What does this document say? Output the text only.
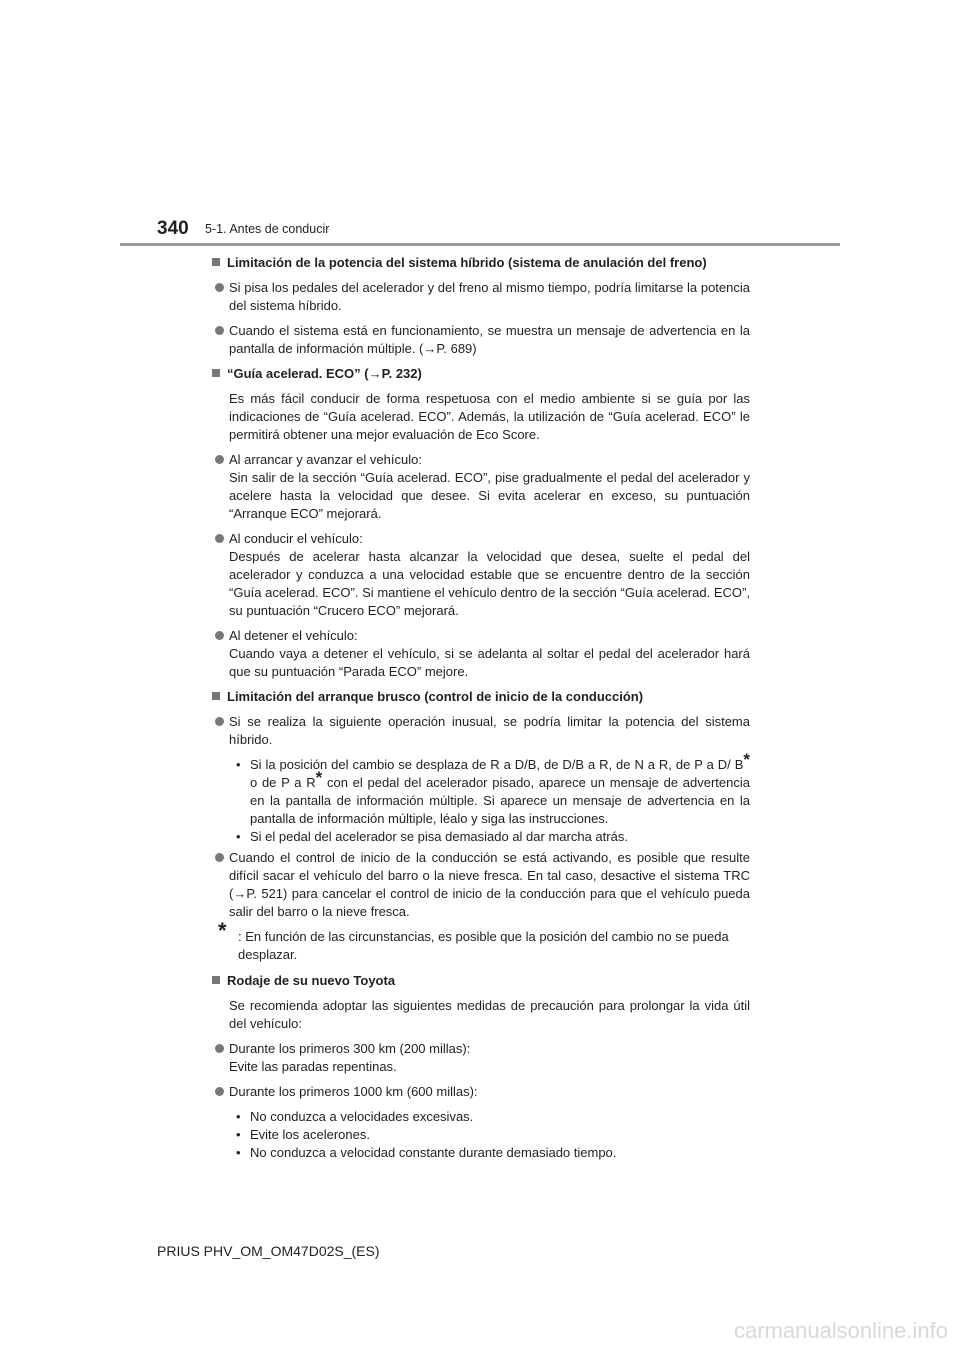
340 5-1. Antes de conducir
Limitación de la potencia del sistema híbrido (sistema de anulación del freno)
Si pisa los pedales del acelerador y del freno al mismo tiempo, podría limitarse la potencia del sistema híbrido.
Cuando el sistema está en funcionamiento, se muestra un mensaje de advertencia en la pantalla de información múltiple. (→P. 689)
“Guía acelerad. ECO” (→P. 232)
Es más fácil conducir de forma respetuosa con el medio ambiente si se guía por las indicaciones de “Guía acelerad. ECO”. Además, la utilización de “Guía acelerad. ECO” le permitirá obtener una mejor evaluación de Eco Score.
Al arrancar y avanzar el vehículo:
Sin salir de la sección “Guía acelerad. ECO”, pise gradualmente el pedal del acelerador y acelere hasta la velocidad que desee. Si evita acelerar en exceso, su puntuación “Arranque ECO” mejorará.
Al conducir el vehículo:
Después de acelerar hasta alcanzar la velocidad que desea, suelte el pedal del acelerador y conduzca a una velocidad estable que se encuentre dentro de la sección “Guía acelerad. ECO”. Si mantiene el vehículo dentro de la sección “Guía acelerad. ECO”, su puntuación “Crucero ECO” mejorará.
Al detener el vehículo:
Cuando vaya a detener el vehículo, si se adelanta al soltar el pedal del acelerador hará que su puntuación “Parada ECO” mejore.
Limitación del arranque brusco (control de inicio de la conducción)
Si se realiza la siguiente operación inusual, se podría limitar la potencia del sistema híbrido.
• Si la posición del cambio se desplaza de R a D/B, de D/B a R, de N a R, de P a D/ B* o de P a R* con el pedal del acelerador pisado, aparece un mensaje de advertencia en la pantalla de información múltiple. Si aparece un mensaje de advertencia en la pantalla de información múltiple, léalo y siga las instrucciones.
• Si el pedal del acelerador se pisa demasiado al dar marcha atrás.
Cuando el control de inicio de la conducción se está activando, es posible que resulte difícil sacar el vehículo del barro o la nieve fresca. En tal caso, desactive el sistema TRC (→P. 521) para cancelar el control de inicio de la conducción para que el vehículo pueda salir del barro o la nieve fresca.
* : En función de las circunstancias, es posible que la posición del cambio no se pueda desplazar.
Rodaje de su nuevo Toyota
Se recomienda adoptar las siguientes medidas de precaución para prolongar la vida útil del vehículo:
Durante los primeros 300 km (200 millas):
Evite las paradas repentinas.
Durante los primeros 1000 km (600 millas):
• No conduzca a velocidades excesivas.
• Evite los acelerones.
• No conduzca a velocidad constante durante demasiado tiempo.
PRIUS PHV_OM_OM47D02S_(ES)
carmanualsonline.info
